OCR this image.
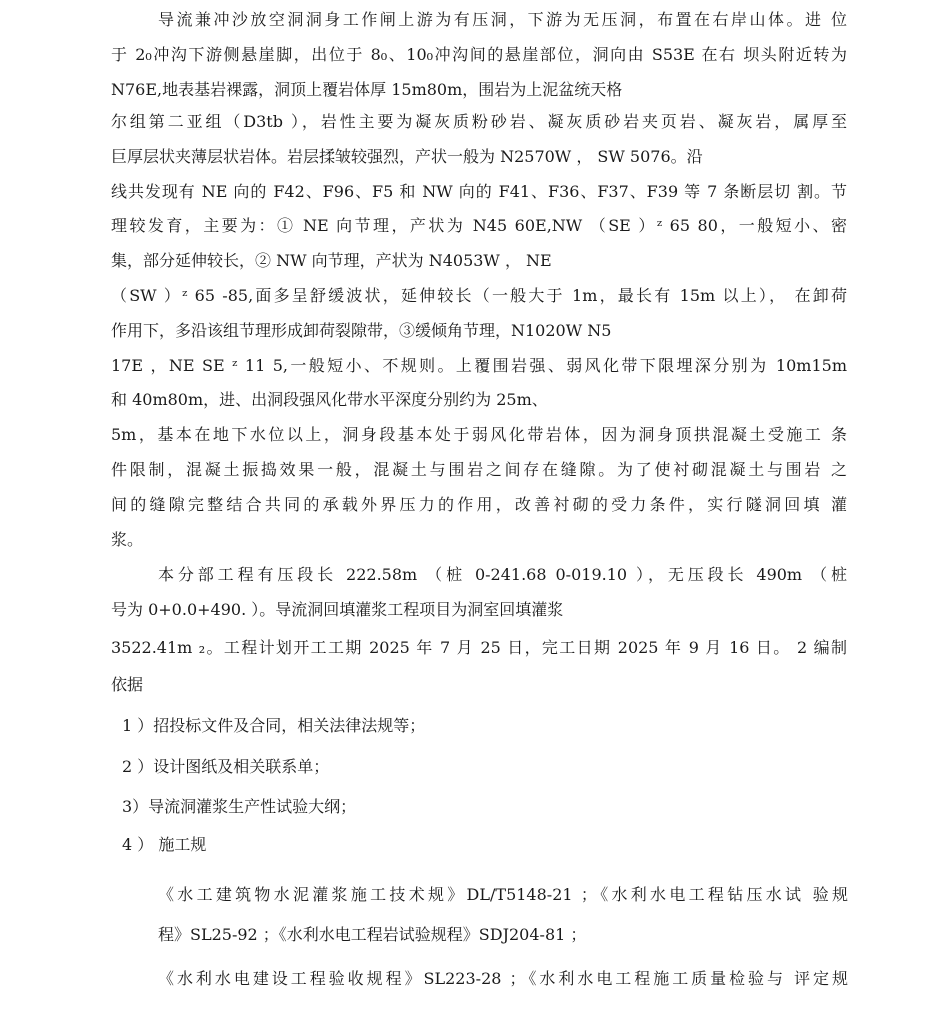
导流兼冲沙放空洞洞身工作闸上游为有压洞，下游为无压洞，布置在右岸山体。进 位
于 2₀冲沟下游侧悬崖脚，出位于 8₀、10₀冲沟间的悬崖部位，洞向由 S53E 在右 坝头附近转为
N76E,地表基岩裸露，洞顶上覆岩体厚 15m80m，围岩为上泥盆统天格
尔组第二亚组（D3tb ），岩性主要为凝灰质粉砂岩、凝灰质砂岩夹页岩、凝灰岩，属厚至
巨厚层状夹薄层状岩体。岩层揉皱较强烈，产状一般为 N2570W ， SW 5076。沿
线共发现有 NE 向的 F42、F96、F5 和 NW 向的 F41、F36、F37、F39 等 7 条断层切 割。节
理较发育，主要为：① NE 向节理，产状为 N45 60E,NW （SE ）ᶻ 65 80，一般短小、密
集，部分延伸较长，② NW 向节理，产状为 N4053W ， NE
（SW ）ᶻ 65 -85,面多呈舒缓波状，延伸较长（一般大于 1m，最长有 15m 以上）， 在卸荷
作用下，多沿该组节理形成卸荷裂隙带，③缓倾角节理，N1020W N5
17E ，NE SE ᶻ 11 5,一般短小、不规则。上覆围岩强、弱风化带下限埋深分别为 10m15m
和 40m80m，进、出洞段强风化带水平深度分别约为 25m、
5m，基本在地下水位以上，洞身段基本处于弱风化带岩体，因为洞身顶拱混凝土受施工 条
件限制，混凝土振捣效果一般，混凝土与围岩之间存在缝隙。为了使衬砌混凝土与围岩 之
间的缝隙完整结合共同的承载外界压力的作用，改善衬砌的受力条件，实行隧洞回填 灌
浆。
本分部工程有压段长 222.58m （桩 0-241.68 0-019.10 ），无压段长 490m （桩
号为 0+0.0+490. ）。导流洞回填灌浆工程项目为洞室回填灌浆
3522.41m ₂。工程计划开工工期 2025 年 7 月 25 日，完工日期 2025 年 9 月 16 日。 2 编制
依据
1 ）招投标文件及合同，相关法律法规等；
2 ）设计图纸及相关联系单；
3）导流洞灌浆生产性试验大纲；
4 ） 施工规
《水工建筑物水泥灌浆施工技术规》DL/T5148-21 ；《水利水电工程钻压水试 验规
程》SL25-92 ；《水利水电工程岩试验规程》SDJ204-81 ；
《水利水电建设工程验收规程》SL223-28 ；《水利水电工程施工质量检验与 评定规
